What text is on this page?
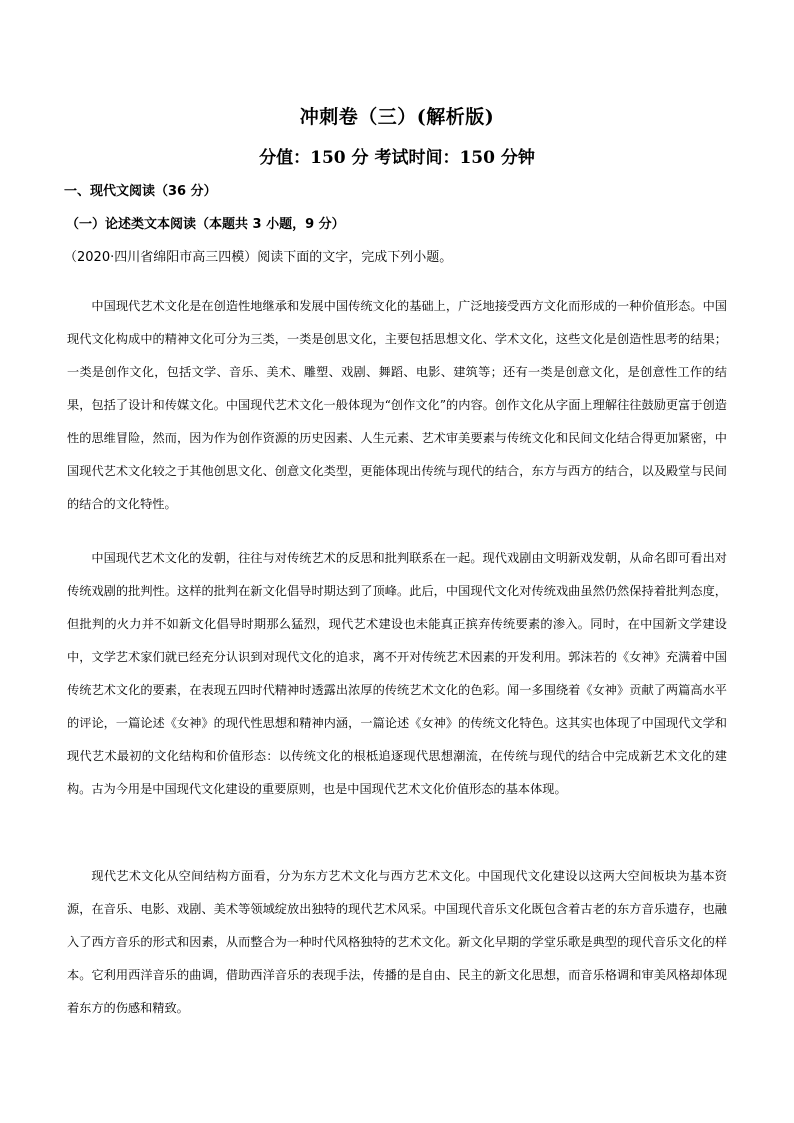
冲刺卷（三）(解析版)
分值：150 分 考试时间：150 分钟
一、现代文阅读（36 分）
（一）论述类文本阅读（本题共 3 小题，9 分）
（2020·四川省绵阳市高三四模）阅读下面的文字，完成下列小题。

中国现代艺术文化是在创造性地继承和发展中国传统文化的基础上，广泛地接受西方文化而形成的一种价值形态。中国现代文化构成中的精神文化可分为三类，一类是创思文化，主要包括思想文化、学术文化，这些文化是创造性思考的结果；一类是创作文化，包括文学、音乐、美术、雕塑、戏剧、舞蹈、电影、建筑等；还有一类是创意文化，是创意性工作的结果，包括了设计和传媒文化。中国现代艺术文化一般体现为“创作文化”的内容。创作文化从字面上理解往往鼓励更富于创造性的思维冒险，然而，因为作为创作资源的历史因素、人生元素、艺术审美要素与传统文化和民间文化结合得更加紧密，中国现代艺术文化较之于其他创思文化、创意文化类型，更能体现出传统与现代的结合，东方与西方的结合，以及殿堂与民间的结合的文化特性。

中国现代艺术文化的发朝，往往与对传统艺术的反思和批判联系在一起。现代戏剧由文明新戏发朝，从命名即可看出对传统戏剧的批判性。这样的批判在新文化倡导时期达到了顶峰。此后，中国现代文化对传统戏曲虽然仍然保持着批判态度，但批判的火力并不如新文化倡导时期那么猛烈，现代艺术建设也未能真正摈弃传统要素的渗入。同时，在中国新文学建设中，文学艺术家们就已经充分认识到对现代文化的追求，离不开对传统艺术因素的开发利用。郭沫若的《女神》充满着中国传统艺术文化的要素，在表现五四时代精神时透露出浓厚的传统艺术文化的色彩。闻一多围绕着《女神》贡献了两篇高水平的评论，一篇论述《女神》的现代性思想和精神内涵，一篇论述《女神》的传统文化特色。这其实也体现了中国现代文学和现代艺术最初的文化结构和价值形态：以传统文化的根柢追逐现代思想潮流，在传统与现代的结合中完成新艺术文化的建构。古为今用是中国现代文化建设的重要原则，也是中国现代艺术文化价值形态的基本体现。

现代艺术文化从空间结构方面看，分为东方艺术文化与西方艺术文化。中国现代文化建设以这两大空间板块为基本资源，在音乐、电影、戏剧、美术等领域绽放出独特的现代艺术风采。中国现代音乐文化既包含着古老的东方音乐遗存，也融入了西方音乐的形式和因素，从而整合为一种时代风格独特的艺术文化。新文化早期的学堂乐歌是典型的现代音乐文化的样本。它利用西洋音乐的曲调，借助西洋音乐的表现手法，传播的是自由、民主的新文化思想，而音乐格调和审美风格却体现着东方的伤感和精致。
